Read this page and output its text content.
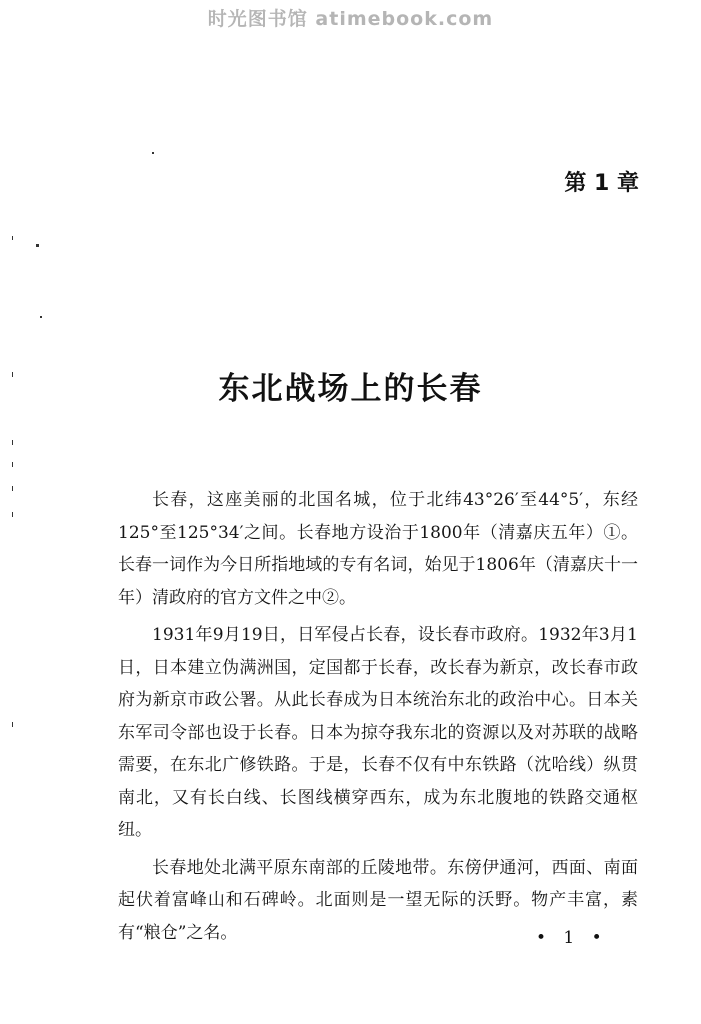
时光图书馆 atimebook.com
第 1 章
东北战场上的长春

长春，这座美丽的北国名城，位于北纬43°26′至44°5′，东经125°至125°34′之间。长春地方设治于1800年（清嘉庆五年）①。长春一词作为今日所指地域的专有名词，始见于1806年（清嘉庆十一年）清政府的官方文件之中②。

1931年9月19日，日军侵占长春，设长春市政府。1932年3月1日，日本建立伪满洲国，定国都于长春，改长春为新京，改长春市政府为新京市政公署。从此长春成为日本统治东北的政治中心。日本关东军司令部也设于长春。日本为掠夺我东北的资源以及对苏联的战略需要，在东北广修铁路。于是，长春不仅有中东铁路（沈哈线）纵贯南北，又有长白线、长图线横穿西东，成为东北腹地的铁路交通枢纽。

长春地处北满平原东南部的丘陵地带。东傍伊通河，西面、南面起伏着富峰山和石碑岭。北面则是一望无际的沃野。物产丰富，素有“粮仓”之名。	• 1 •
